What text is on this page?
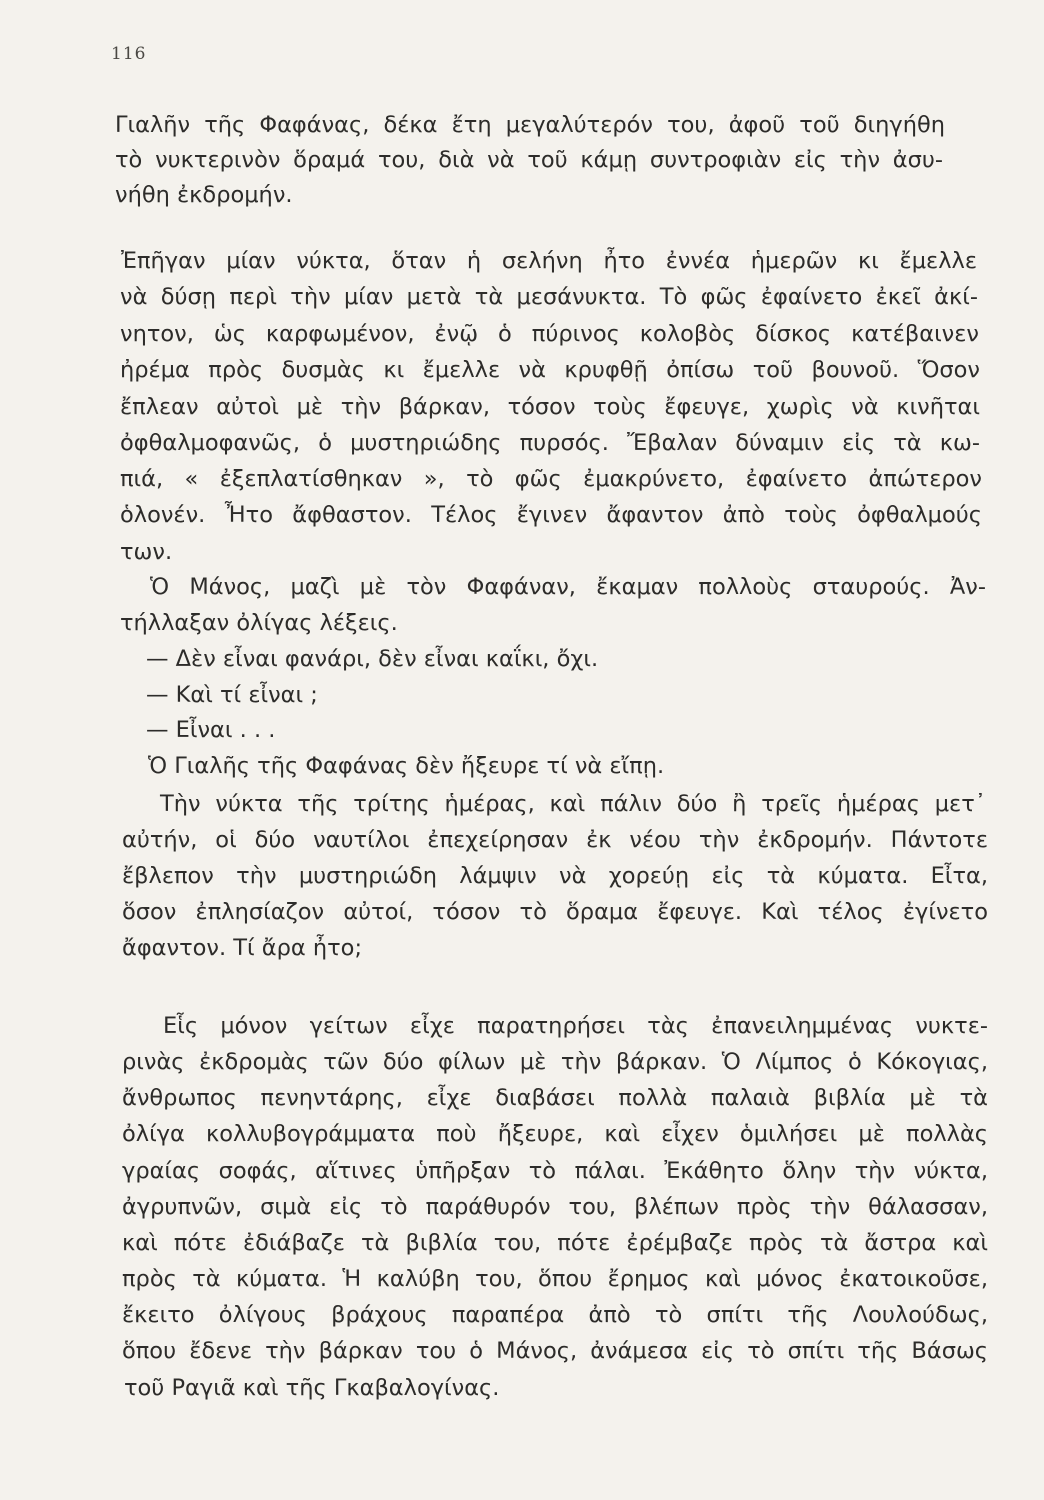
116
Γιαλῆν τῆς Φαφάνας, δέκα ἔτη μεγαλύτερόν του, ἀφοῦ τοῦ διηγήθη
τὸ νυκτερινὸν ὅραμά του, διὰ νὰ τοῦ κάμῃ συντροφιὰν εἰς τὴν ἀσυ-
νήθη ἐκδρομήν.
Ἐπῆγαν μίαν νύκτα, ὅταν ἡ σελήνη ἦτο ἐννέα ἡμερῶν κι ἔμελλε
νὰ δύσῃ περὶ τὴν μίαν μετὰ τὰ μεσάνυκτα. Τὸ φῶς ἐφαίνετο ἐκεῖ ἀκί-
νητον, ὡς καρφωμένον, ἐνῷ ὁ πύρινος κολοβὸς δίσκος κατέβαινεν
ἠρέμα πρὸς δυσμὰς κι ἔμελλε νὰ κρυφθῇ ὀπίσω τοῦ βουνοῦ. Ὅσον
ἔπλεαν αὐτοὶ μὲ τὴν βάρκαν, τόσον τοὺς ἔφευγε, χωρὶς νὰ κινῆται
ὀφθαλμοφανῶς, ὁ μυστηριώδης πυρσός. Ἔβαλαν δύναμιν εἰς τὰ κω-
πιά, « ἐξεπλατίσθηκαν », τὸ φῶς ἐμακρύνετο, ἐφαίνετο ἀπώτερον
ὁλονέν. Ἦτο ἄφθαστον. Τέλος ἔγινεν ἄφαντον ἀπὸ τοὺς ὀφθαλμούς
των.
Ὁ Μάνος, μαζὶ μὲ τὸν Φαφάναν, ἔκαμαν πολλοὺς σταυρούς. Ἀν-
τήλλαξαν ὀλίγας λέξεις.
— Δὲν εἶναι φανάρι, δὲν εἶναι καΐκι, ὄχι.
— Καὶ τί εἶναι ;
— Εἶναι . . .
Ὁ Γιαλῆς τῆς Φαφάνας δὲν ἤξευρε τί νὰ εἴπῃ.
Τὴν νύκτα τῆς τρίτης ἡμέρας, καὶ πάλιν δύο ἢ τρεῖς ἡμέρας μετ᾽
αὐτήν, οἱ δύο ναυτίλοι ἐπεχείρησαν ἐκ νέου τὴν ἐκδρομήν. Πάντοτε
ἔβλεπον τὴν μυστηριώδη λάμψιν νὰ χορεύῃ εἰς τὰ κύματα. Εἶτα,
ὅσον ἐπλησίαζον αὐτοί, τόσον τὸ ὅραμα ἔφευγε. Καὶ τέλος ἐγίνετο
ἄφαντον. Τί ἄρα ἦτο;
Εἷς μόνον γείτων εἶχε παρατηρήσει τὰς ἐπανειλημμένας νυκτε-
ρινὰς ἐκδρομὰς τῶν δύο φίλων μὲ τὴν βάρκαν. Ὁ Λίμπος ὁ Κόκογιας,
ἄνθρωπος πενηντάρης, εἶχε διαβάσει πολλὰ παλαιὰ βιβλία μὲ τὰ
ὀλίγα κολλυβογράμματα ποὺ ἤξευρε, καὶ εἶχεν ὁμιλήσει μὲ πολλὰς
γραίας σοφάς, αἵτινες ὑπῆρξαν τὸ πάλαι. Ἐκάθητο ὅλην τὴν νύκτα,
ἀγρυπνῶν, σιμὰ εἰς τὸ παράθυρόν του, βλέπων πρὸς τὴν θάλασσαν,
καὶ πότε ἐδιάβαζε τὰ βιβλία του, πότε ἐρέμβαζε πρὸς τὰ ἄστρα καὶ
πρὸς τὰ κύματα. Ἡ καλύβη του, ὅπου ἔρημος καὶ μόνος ἐκατοικοῦσε,
ἔκειτο ὀλίγους βράχους παραπέρα ἀπὸ τὸ σπίτι τῆς Λουλούδως,
ὅπου ἔδενε τὴν βάρκαν του ὁ Μάνος, ἀνάμεσα εἰς τὸ σπίτι τῆς Βάσως
τοῦ Ραγιᾶ καὶ τῆς Γκαβαλογίνας.
